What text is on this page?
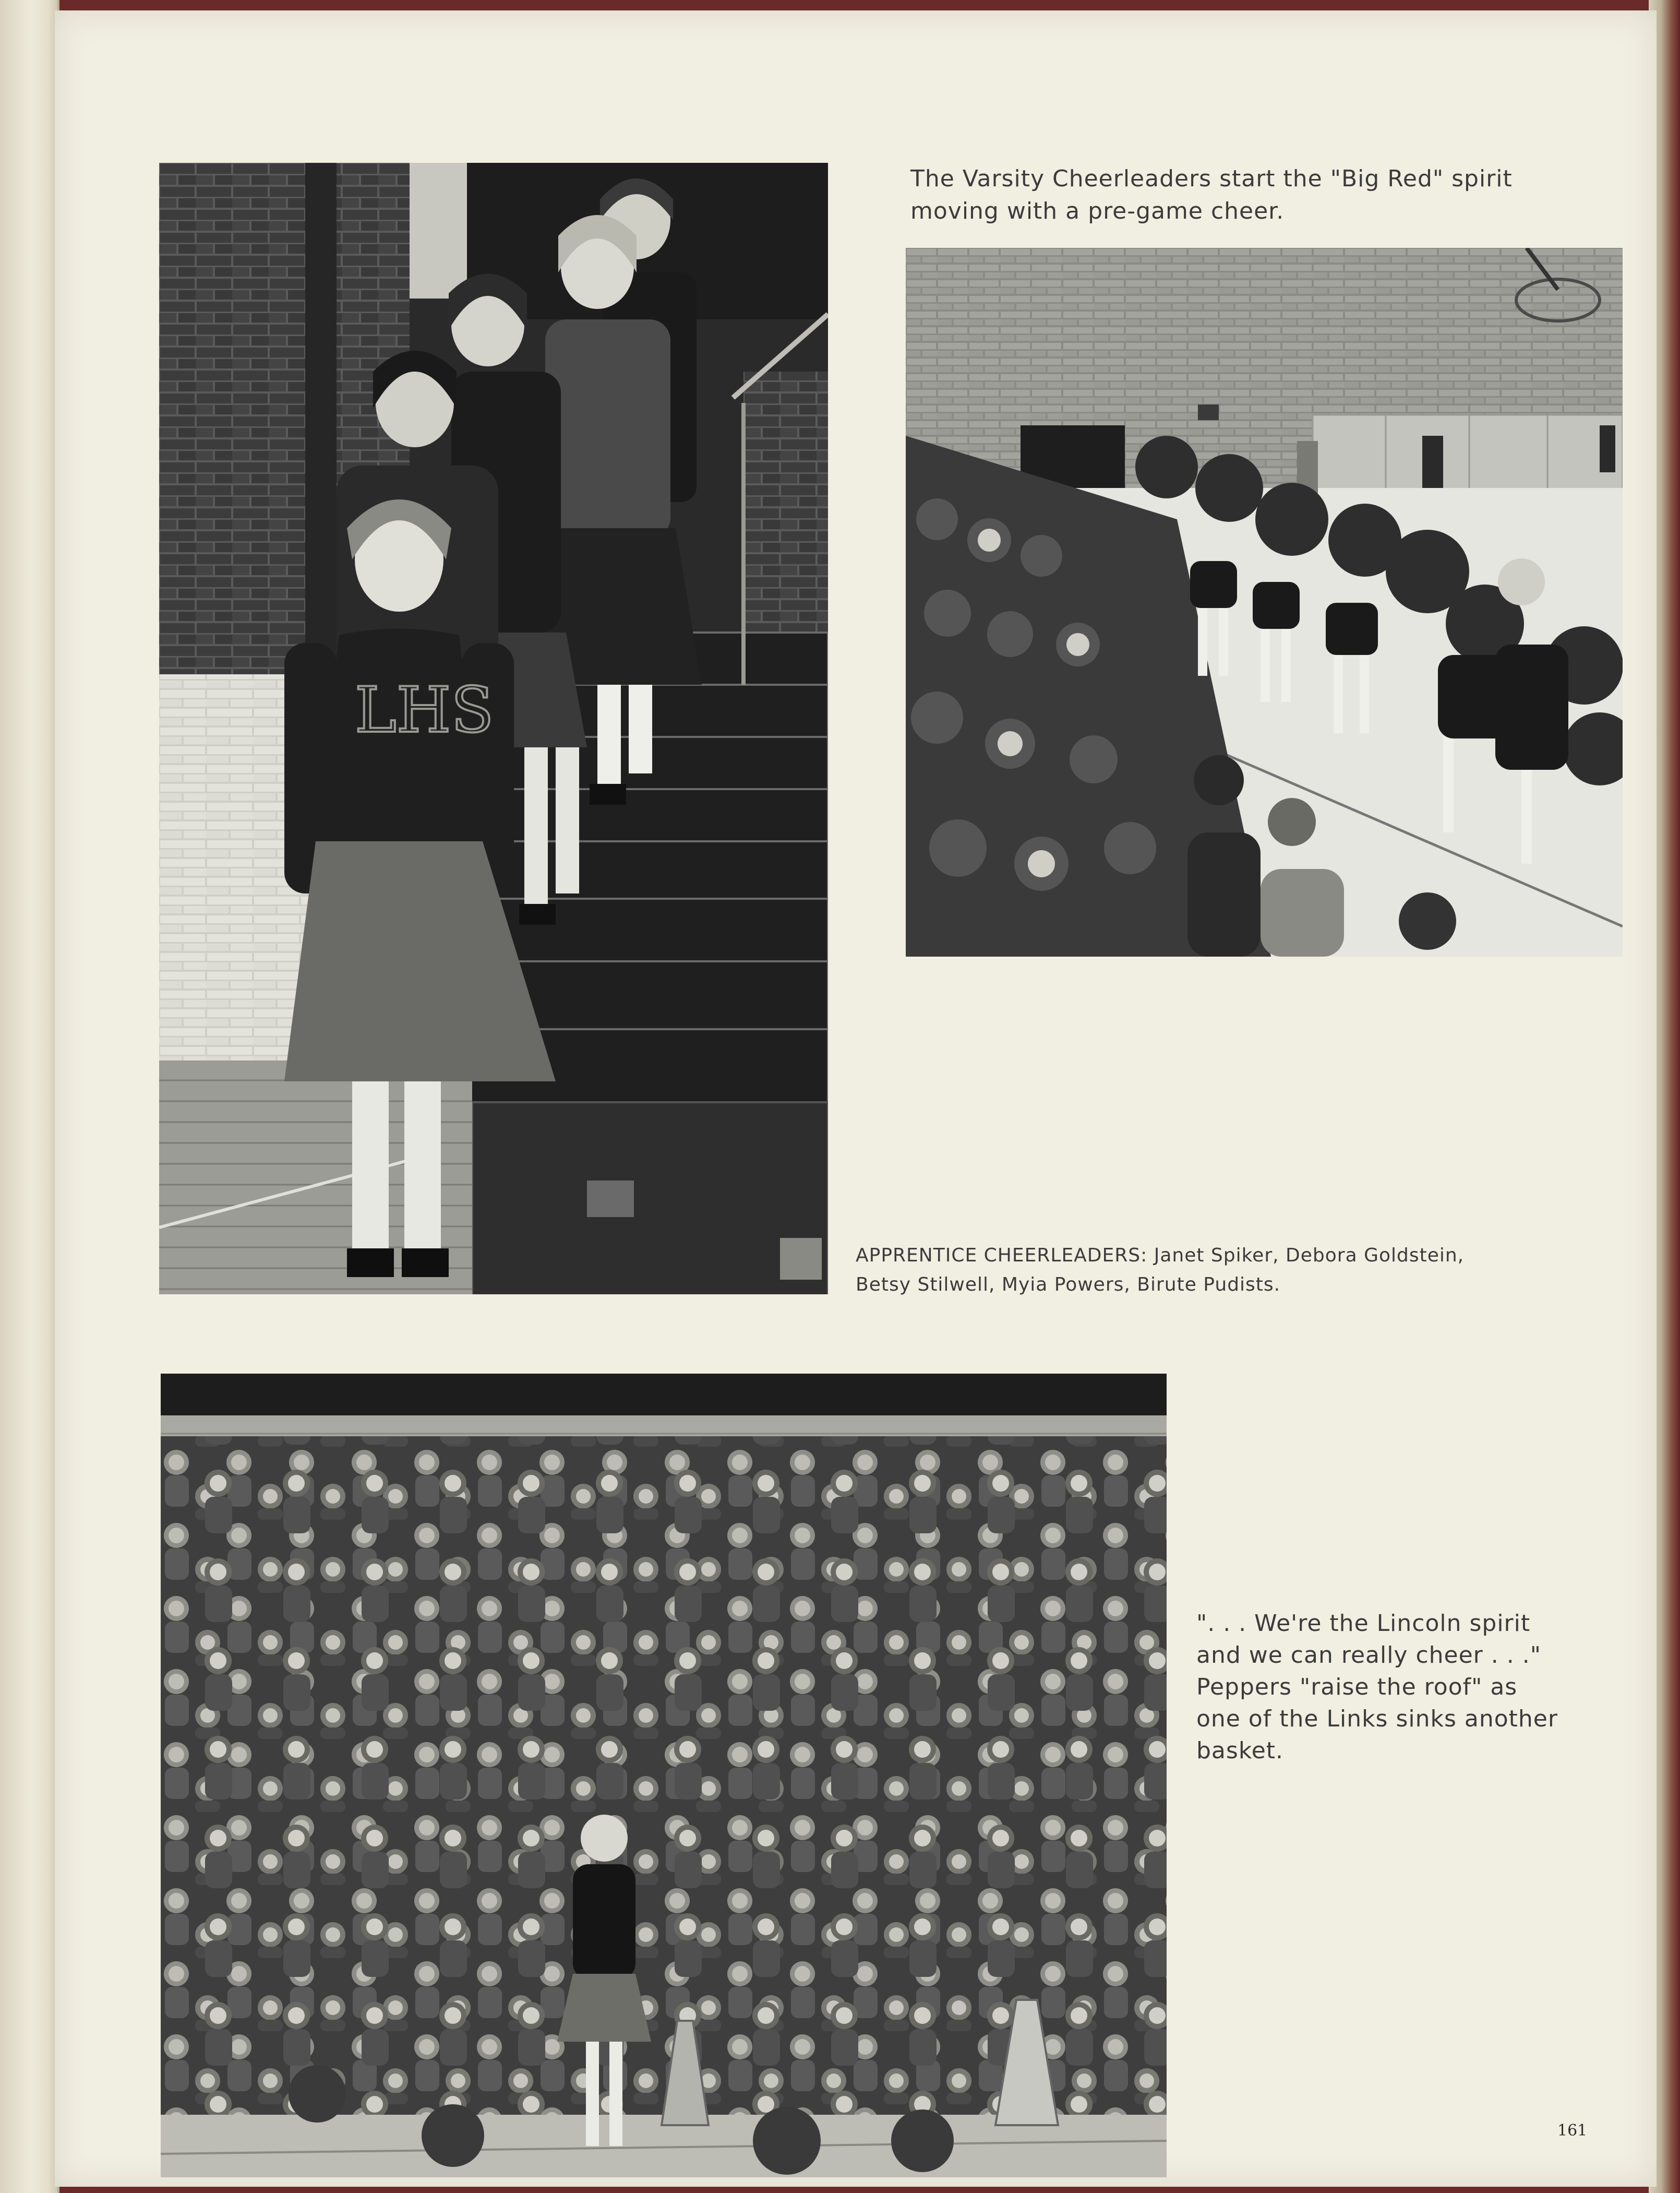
LHS

The Varsity Cheerleaders start the "Big Red" spirit moving with a pre-game cheer.

APPRENTICE CHEERLEADERS: Janet Spiker, Debora Goldstein, Betsy Stilwell, Myia Powers, Birute Pudists.

". . . We're the Lincoln spirit and we can really cheer . . ." Peppers "raise the roof" as one of the Links sinks another basket.

161
